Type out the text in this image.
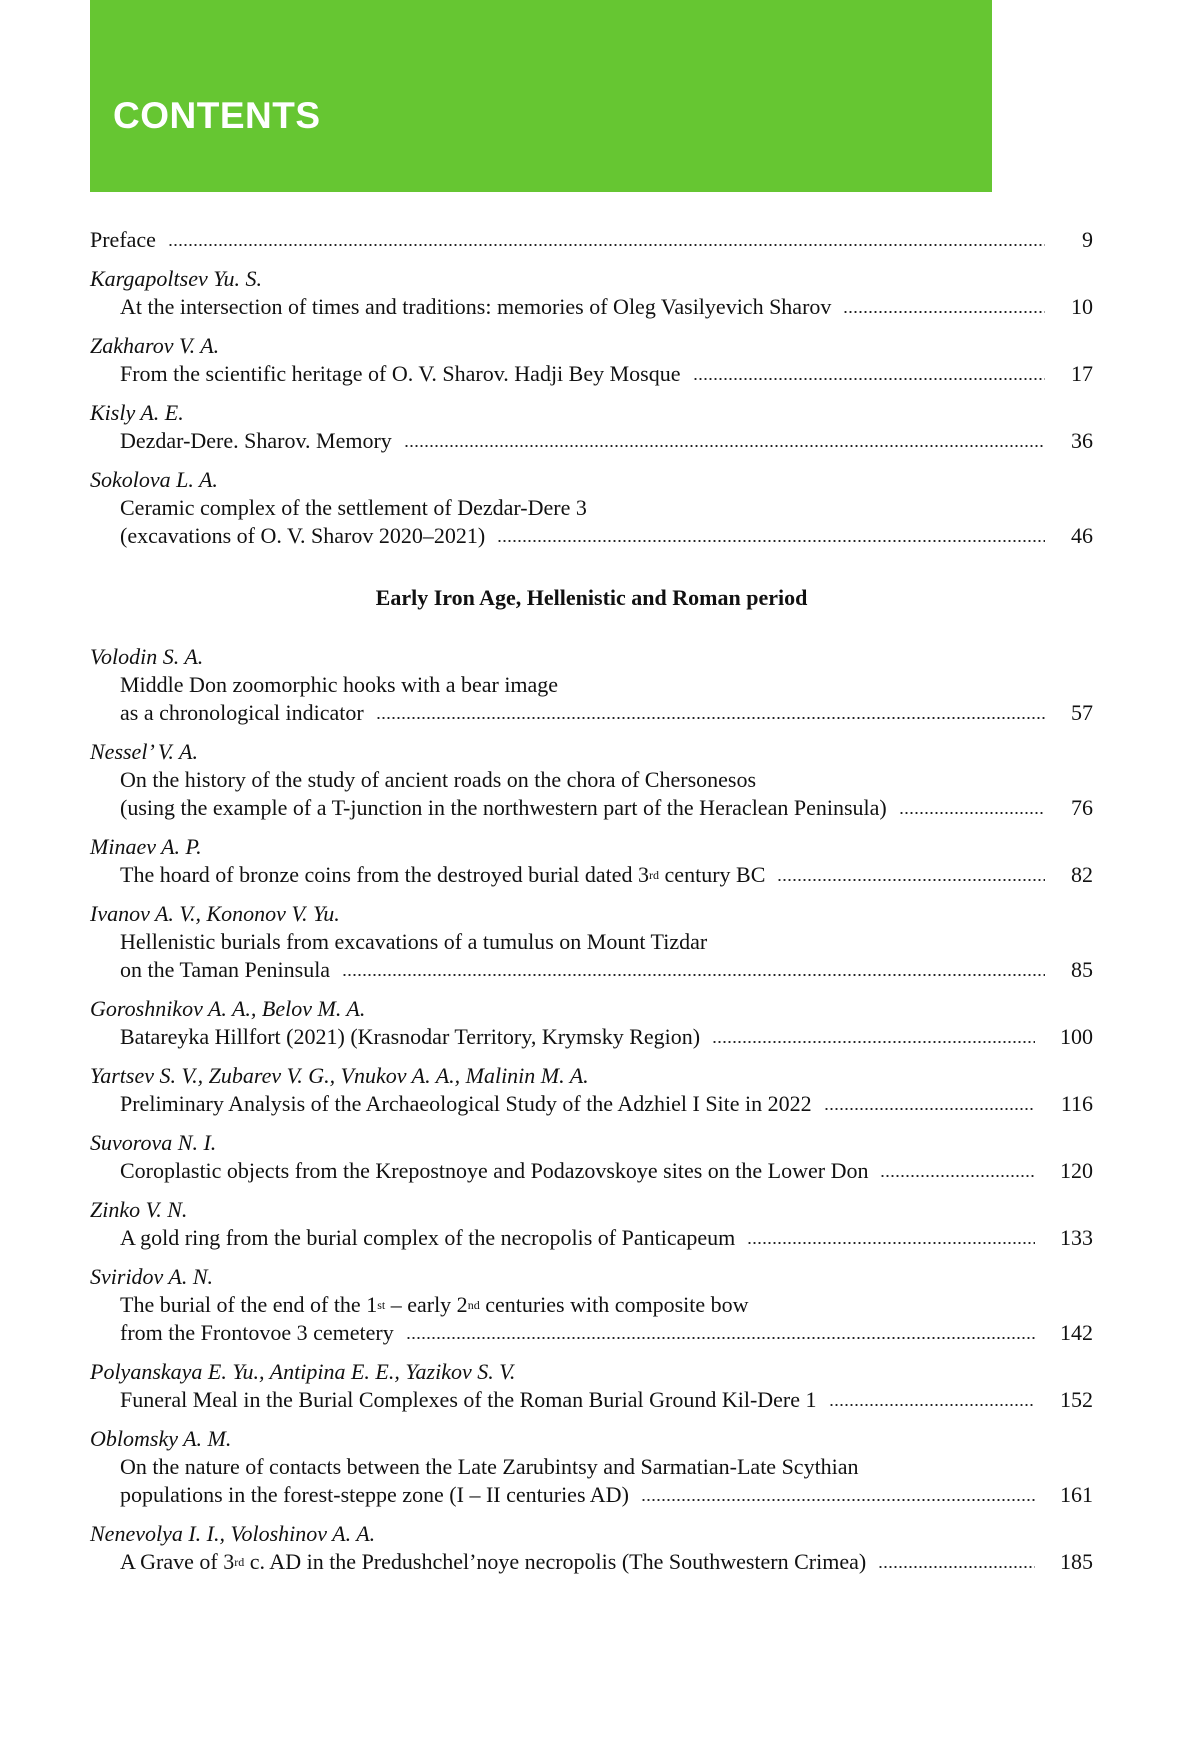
CONTENTS
Preface	9
Kargapoltsev Yu. S.
At the intersection of times and traditions: memories of Oleg Vasilyevich Sharov	10
Zakharov V. A.
From the scientific heritage of O. V. Sharov. Hadji Bey Mosque	17
Kisly A. E.
Dezdar-Dere. Sharov. Memory	36
Sokolova L. A.
Ceramic complex of the settlement of Dezdar-Dere 3
(excavations of O. V. Sharov 2020–2021)	46
Early Iron Age, Hellenistic and Roman period
Volodin S. A.
Middle Don zoomorphic hooks with a bear image
as a chronological indicator	57
Nessel’ V. A.
On the history of the study of ancient roads on the chora of Chersonesos
(using the example of a T-junction in the northwestern part of the Heraclean Peninsula)	76
Minaev A. P.
The hoard of bronze coins from the destroyed burial dated 3rd century BC	82
Ivanov A. V., Kononov V. Yu.
Hellenistic burials from excavations of a tumulus on Mount Tizdar
on the Taman Peninsula	85
Goroshnikov A. A., Belov M. A.
Batareyka Hillfort (2021) (Krasnodar Territory, Krymsky Region)	100
Yartsev S. V., Zubarev V. G., Vnukov A. A., Malinin M. A.
Preliminary Analysis of the Archaeological Study of the Adzhiel I Site in 2022	116
Suvorova N. I.
Coroplastic objects from the Krepostnoye and Podazovskoye sites on the Lower Don	120
Zinko V. N.
A gold ring from the burial complex of the necropolis of Panticapeum	133
Sviridov A. N.
The burial of the end of the 1st – early 2nd centuries with composite bow
from the Frontovoe 3 cemetery	142
Polyanskaya E. Yu., Antipina E. E., Yazikov S. V.
Funeral Meal in the Burial Complexes of the Roman Burial Ground Kil-Dere 1	152
Oblomsky A. M.
On the nature of contacts between the Late Zarubintsy and Sarmatian-Late Scythian
populations in the forest-steppe zone (I – II centuries AD)	161
Nenevolya I. I., Voloshinov A. A.
A Grave of 3rd c. AD in the Predushchel’noye necropolis (The Southwestern Crimea)	185
